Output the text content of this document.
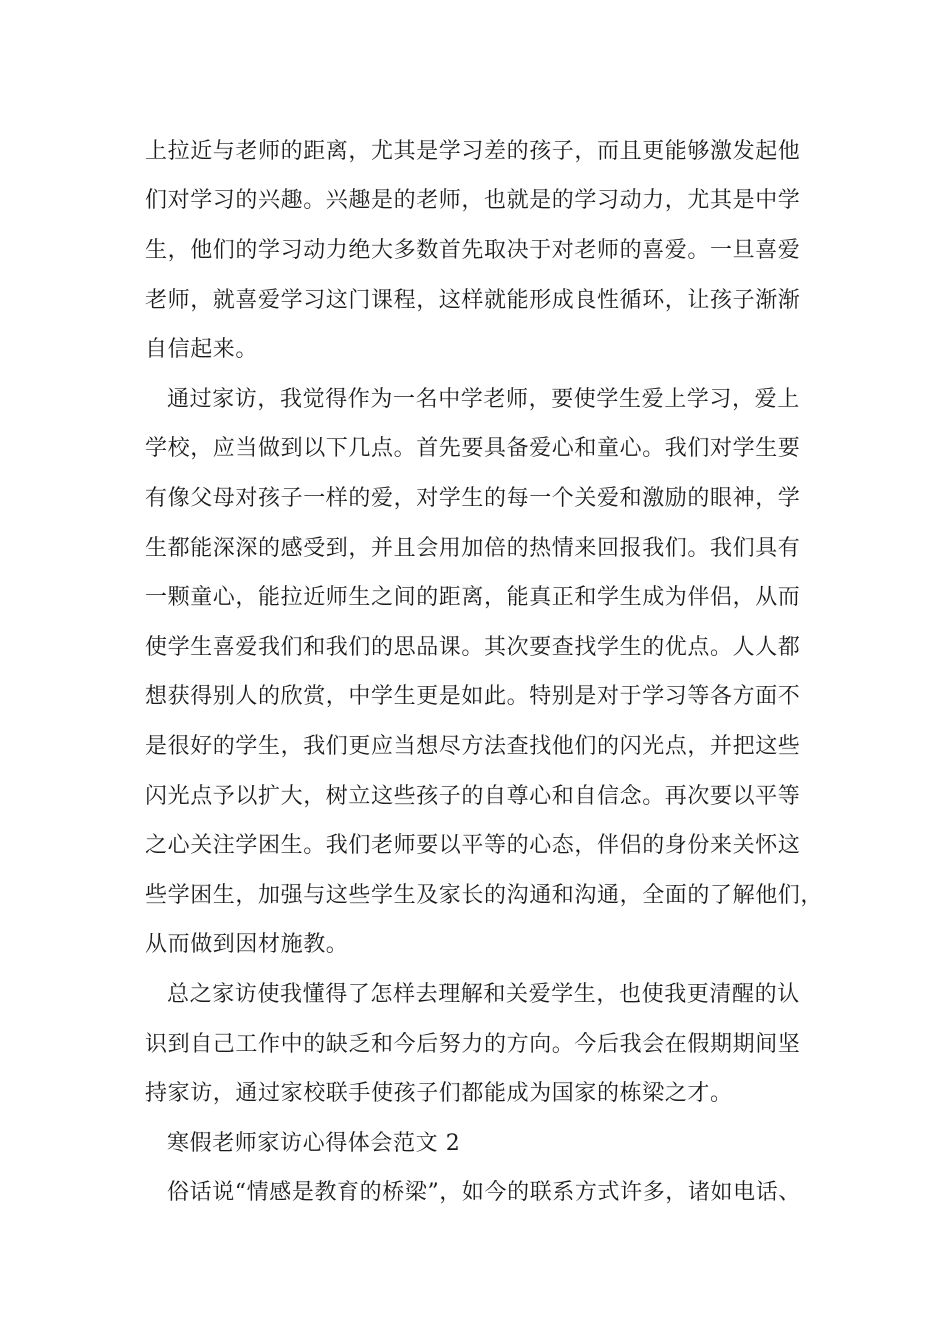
上拉近与老师的距离，尤其是学习差的孩子，而且更能够激发起他
们对学习的兴趣。兴趣是的老师，也就是的学习动力，尤其是中学
生，他们的学习动力绝大多数首先取决于对老师的喜爱。一旦喜爱
老师，就喜爱学习这门课程，这样就能形成良性循环，让孩子渐渐
自信起来。
通过家访，我觉得作为一名中学老师，要使学生爱上学习，爱上
学校，应当做到以下几点。首先要具备爱心和童心。我们对学生要
有像父母对孩子一样的爱，对学生的每一个关爱和激励的眼神，学
生都能深深的感受到，并且会用加倍的热情来回报我们。我们具有
一颗童心，能拉近师生之间的距离，能真正和学生成为伴侣，从而
使学生喜爱我们和我们的思品课。其次要查找学生的优点。人人都
想获得别人的欣赏，中学生更是如此。特别是对于学习等各方面不
是很好的学生，我们更应当想尽方法查找他们的闪光点，并把这些
闪光点予以扩大，树立这些孩子的自尊心和自信念。再次要以平等
之心关注学困生。我们老师要以平等的心态，伴侣的身份来关怀这
些学困生，加强与这些学生及家长的沟通和沟通，全面的了解他们，
从而做到因材施教。
总之家访使我懂得了怎样去理解和关爱学生，也使我更清醒的认
识到自己工作中的缺乏和今后努力的方向。今后我会在假期期间坚
持家访，通过家校联手使孩子们都能成为国家的栋梁之才。
寒假老师家访心得体会范文 2
俗话说“情感是教育的桥梁”，如今的联系方式许多，诸如电话、
